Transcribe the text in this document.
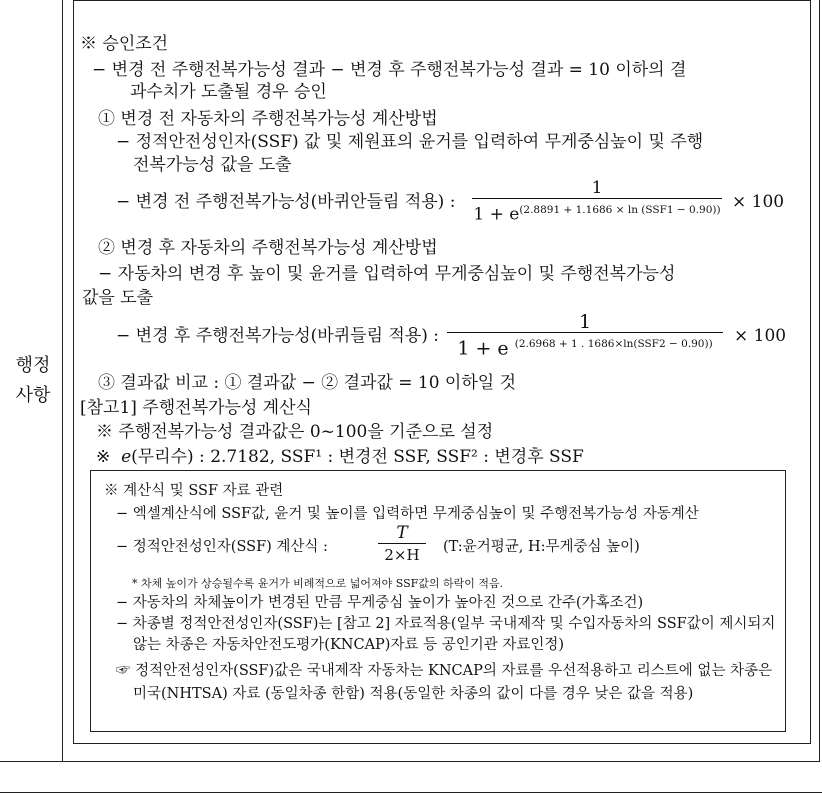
행정
사항
※ 승인조건
− 변경 전 주행전복가능성 결과 − 변경 후 주행전복가능성 결과 = 10 이하의 결
과수치가 도출될 경우 승인
① 변경 전 자동차의 주행전복가능성 계산방법
− 정적안전성인자(SSF) 값 및 제원표의 윤거를 입력하여 무게중심높이 및 주행
전복가능성 값을 도출
− 변경 전 주행전복가능성(바퀴안들림 적용) :
1
$1 + e^{(2.8891 + 1.1686 \times ln (SSF1 - 0.90))} \times 100$
② 변경 후 자동차의 주행전복가능성 계산방법
− 자동차의 변경 후 높이 및 윤거를 입력하여 무게중심높이 및 주행전복가능성
값을 도출
− 변경 후 주행전복가능성(바퀴들림 적용) :
1
1 + e $^{(2.6968 + 1 . 1686\times ln(SSF2 - 0.90))}$	× 100
③ 결과값 비교 : ① 결과값 − ② 결과값 = 10 이하일 것
[참고1] 주행전복가능성 계산식
※ 주행전복가능성 결과값은 0~100을 기준으로 설정
※ e(무리수) : 2.7182, SSF¹ : 변경전 SSF, SSF² : 변경후 SSF
※ 계산식 및 SSF 자료 관련
− 엑셀계산식에 SSF값, 윤거 및 높이를 입력하면 무게중심높이 및 주행전복가능성 자동계산
− 정적안전성인자(SSF) 계산식 :
T
2×H	(T:윤거평균, H:무게중심 높이)
* 차체 높이가 상승될수록 윤거가 비례적으로 넓어져야 SSF값의 하락이 적음.
− 자동차의 차체높이가 변경된 만큼 무게중심 높이가 높아진 것으로 간주(가혹조건)
− 차종별 정적안전성인자(SSF)는 [참고 2] 자료적용(일부 국내제작 및 수입자동차의 SSF값이 제시되지
않는 차종은 자동차안전도평가(KNCAP)자료 등 공인기관 자료인정)
☞ 정적안전성인자(SSF)값은 국내제작 자동차는 KNCAP의 자료를 우선적용하고 리스트에 없는 차종은
미국(NHTSA) 자료 (동일차종 한함) 적용(동일한 차종의 값이 다를 경우 낮은 값을 적용)
